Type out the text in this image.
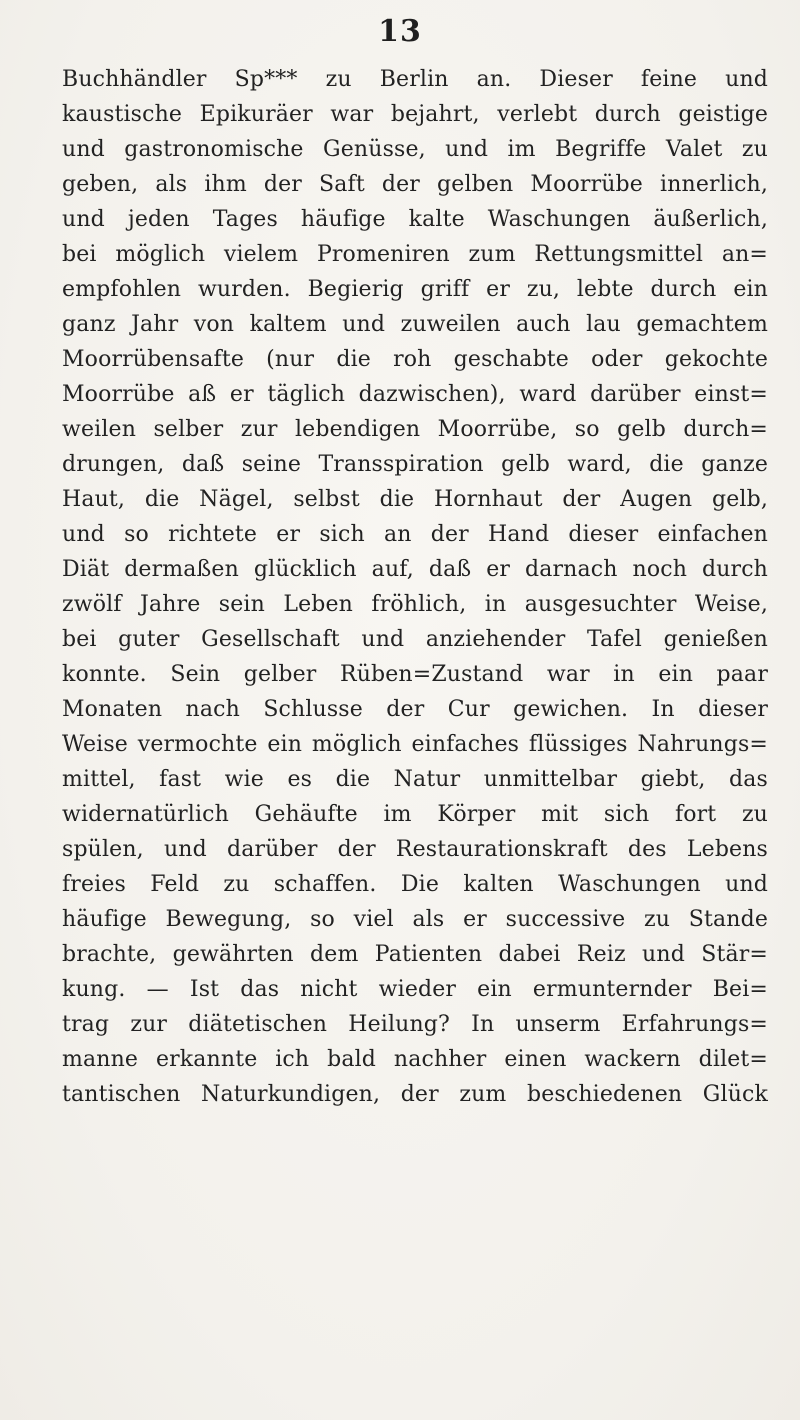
13
Buchhändler Sp*** zu Berlin an. Dieser feine und
kaustische Epikuräer war bejahrt, verlebt durch geistige
und gastronomische Genüsse, und im Begriffe Valet zu
geben, als ihm der Saft der gelben Moorrübe innerlich,
und jeden Tages häufige kalte Waschungen äußerlich,
bei möglich vielem Promeniren zum Rettungsmittel an=
empfohlen wurden. Begierig griff er zu, lebte durch ein
ganz Jahr von kaltem und zuweilen auch lau gemachtem
Moorrübensafte (nur die roh geschabte oder gekochte
Moorrübe aß er täglich dazwischen), ward darüber einst=
weilen selber zur lebendigen Moorrübe, so gelb durch=
drungen, daß seine Transspiration gelb ward, die ganze
Haut, die Nägel, selbst die Hornhaut der Augen gelb,
und so richtete er sich an der Hand dieser einfachen
Diät dermaßen glücklich auf, daß er darnach noch durch
zwölf Jahre sein Leben fröhlich, in ausgesuchter Weise,
bei guter Gesellschaft und anziehender Tafel genießen
konnte. Sein gelber Rüben=Zustand war in ein paar
Monaten nach Schlusse der Cur gewichen. In dieser
Weise vermochte ein möglich einfaches flüssiges Nahrungs=
mittel, fast wie es die Natur unmittelbar giebt, das
widernatürlich Gehäufte im Körper mit sich fort zu
spülen, und darüber der Restaurationskraft des Lebens
freies Feld zu schaffen. Die kalten Waschungen und
häufige Bewegung, so viel als er successive zu Stande
brachte, gewährten dem Patienten dabei Reiz und Stär=
kung. — Ist das nicht wieder ein ermunternder Bei=
trag zur diätetischen Heilung? In unserm Erfahrungs=
manne erkannte ich bald nachher einen wackern dilet=
tantischen Naturkundigen, der zum beschiedenen Glück
